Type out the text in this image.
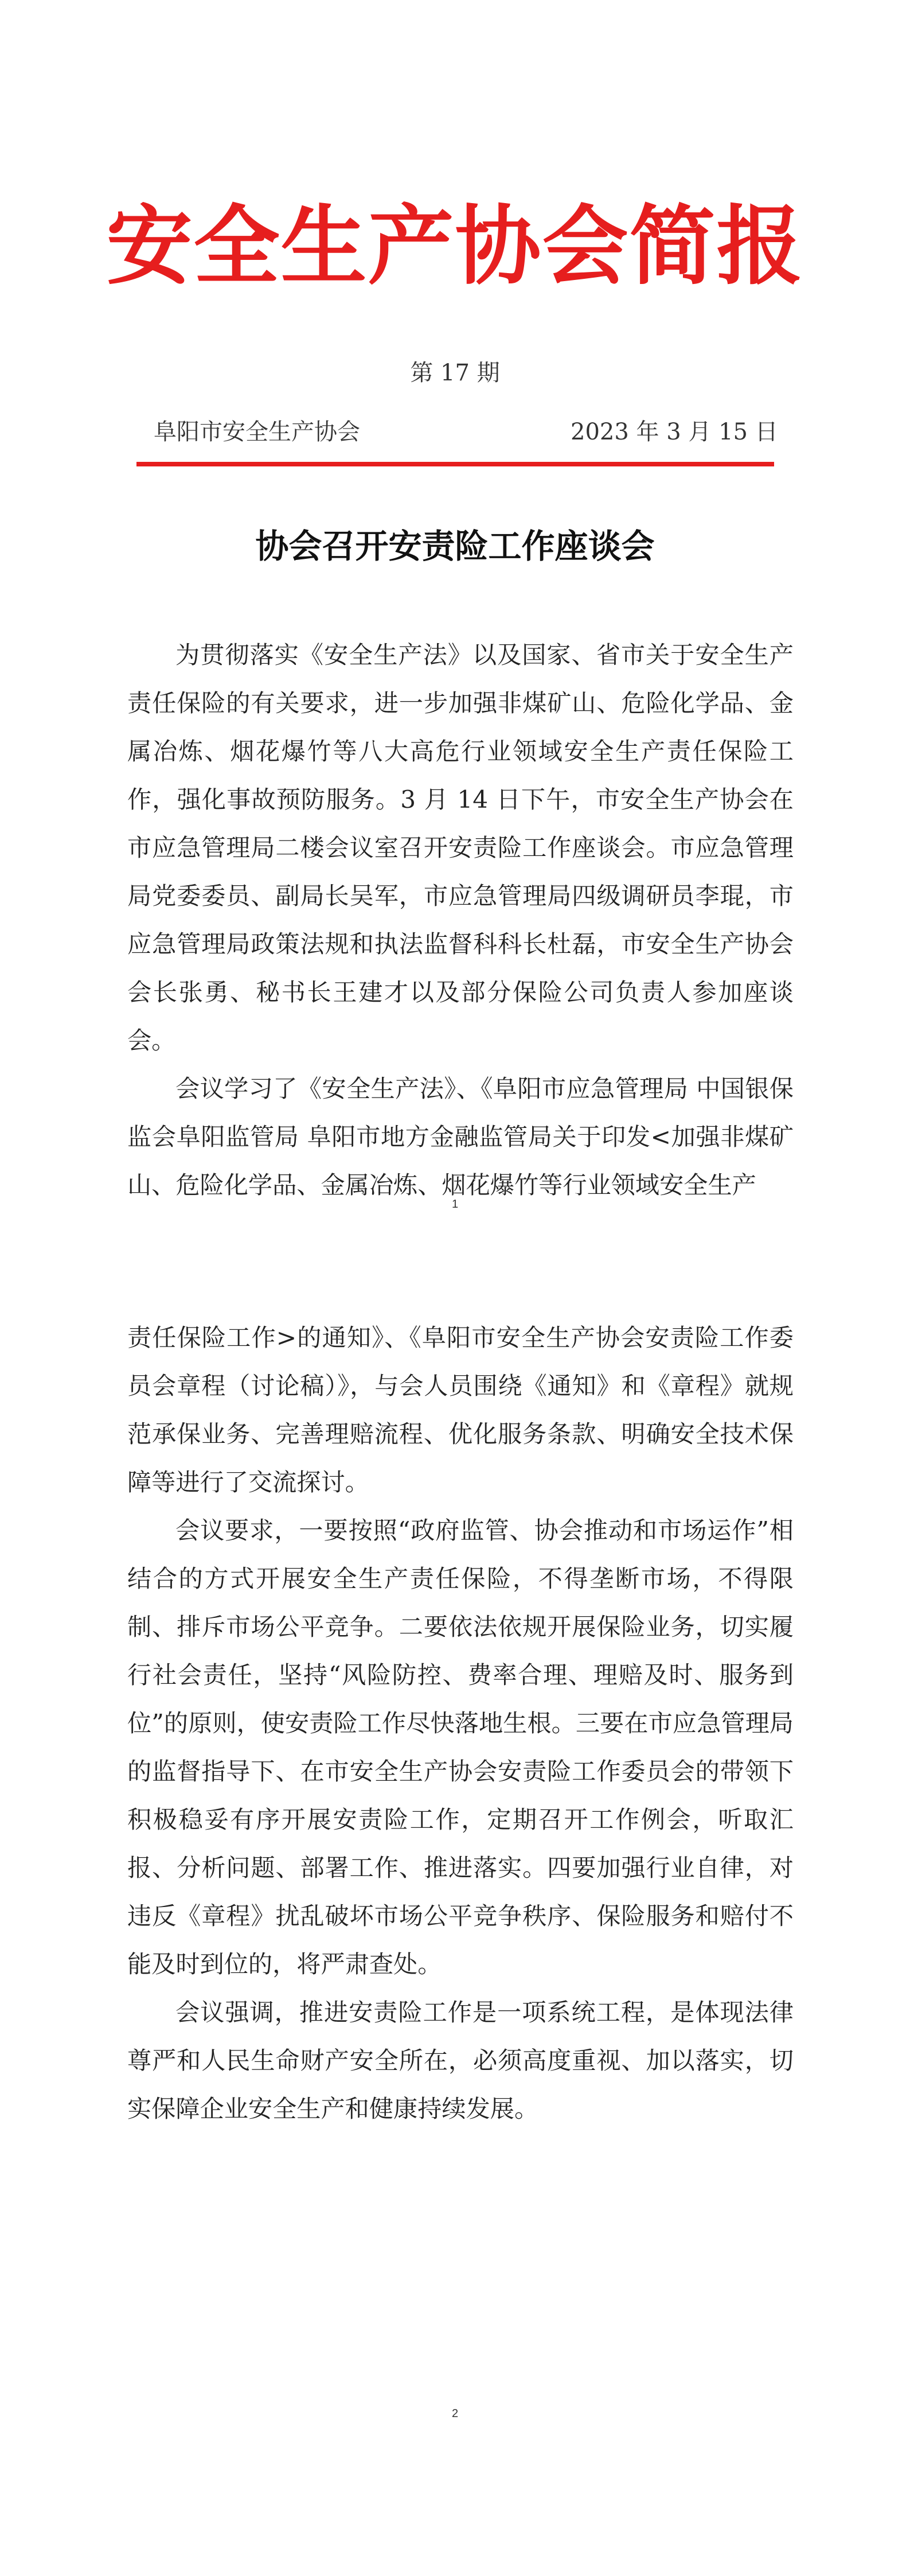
安全生产协会简报
第 17 期
阜阳市安全生产协会	2023 年 3 月 15 日
协会召开安责险工作座谈会

为贯彻落实《安全生产法》以及国家、省市关于安全生产责任保险的有关要求，进一步加强非煤矿山、危险化学品、金属冶炼、烟花爆竹等八大高危行业领域安全生产责任保险工作，强化事故预防服务。3 月 14 日下午，市安全生产协会在市应急管理局二楼会议室召开安责险工作座谈会。市应急管理局党委委员、副局长吴军，市应急管理局四级调研员李琨，市应急管理局政策法规和执法监督科科长杜磊，市安全生产协会会长张勇、秘书长王建才以及部分保险公司负责人参加座谈会。

会议学习了《安全生产法》、《阜阳市应急管理局 中国银保监会阜阳监管局 阜阳市地方金融监管局关于印发<加强非煤矿山、危险化学品、金属冶炼、烟花爆竹等行业领域安全生产

1

责任保险工作>的通知》、《阜阳市安全生产协会安责险工作委员会章程（讨论稿）》，与会人员围绕《通知》和《章程》就规范承保业务、完善理赔流程、优化服务条款、明确安全技术保障等进行了交流探讨。

会议要求，一要按照“政府监管、协会推动和市场运作”相结合的方式开展安全生产责任保险，不得垄断市场，不得限制、排斥市场公平竞争。二要依法依规开展保险业务，切实履行社会责任，坚持“风险防控、费率合理、理赔及时、服务到位”的原则，使安责险工作尽快落地生根。三要在市应急管理局的监督指导下、在市安全生产协会安责险工作委员会的带领下积极稳妥有序开展安责险工作，定期召开工作例会，听取汇报、分析问题、部署工作、推进落实。四要加强行业自律，对违反《章程》扰乱破坏市场公平竞争秩序、保险服务和赔付不能及时到位的，将严肃查处。

会议强调，推进安责险工作是一项系统工程，是体现法律尊严和人民生命财产安全所在，必须高度重视、加以落实，切实保障企业安全生产和健康持续发展。

2
